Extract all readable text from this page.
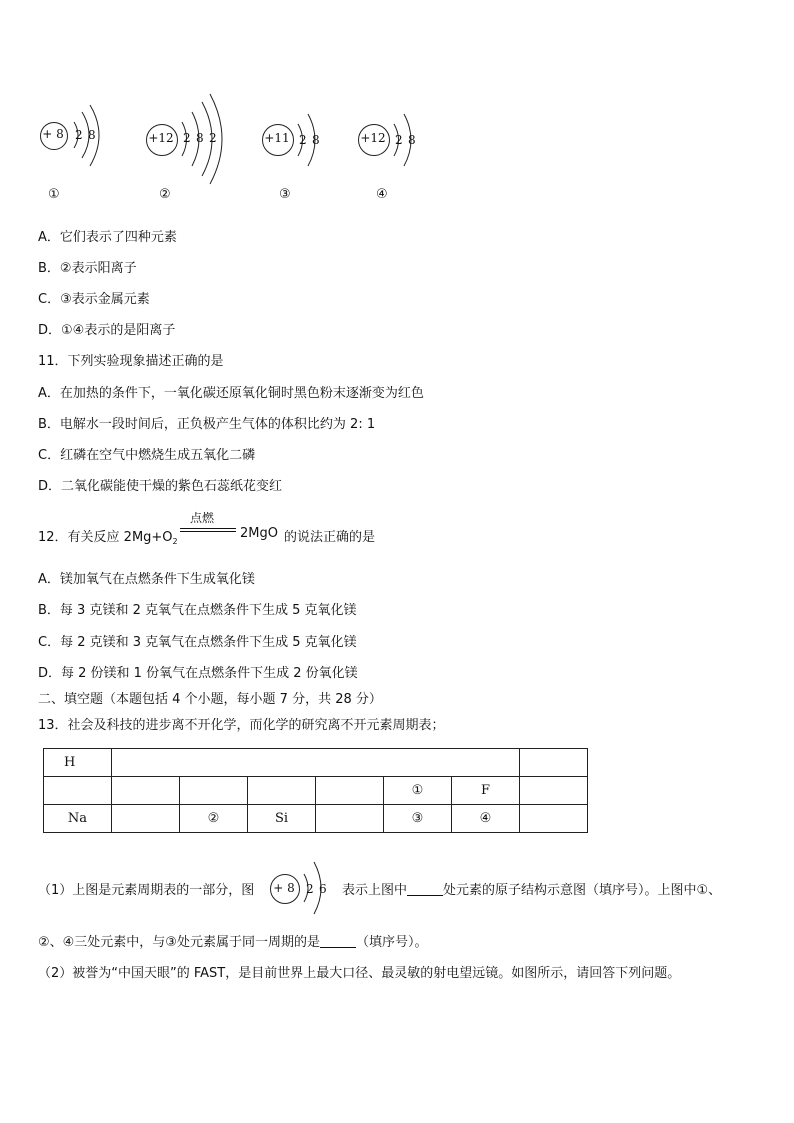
+ 8 2 8
①
+12 2 8 2
②
+11 2 8
③
+12 2 8
④
A．它们表示了四种元素
B．②表示阳离子
C．③表示金属元素
D．①④表示的是阳离子
11．下列实验现象描述正确的是
A．在加热的条件下，一氧化碳还原氧化铜时黑色粉末逐渐变为红色
B．电解水一段时间后，正负极产生气体的体积比约为 2: 1
C．红磷在空气中燃烧生成五氧化二磷
D．二氧化碳能使干燥的紫色石蕊纸花变红
12．有关反应 $2Mg+O_2$
点燃
2MgO 的说法正确的是
A．镁加氧气在点燃条件下生成氧化镁
B．每 3 克镁和 2 克氧气在点燃条件下生成 5 克氧化镁
C．每 2 克镁和 3 克氧气在点燃条件下生成 5 克氧化镁
D．每 2 份镁和 1 份氧气在点燃条件下生成 2 份氧化镁
二、填空题（本题包括 4 个小题，每小题 7 分，共 28 分）
13．社会及科技的进步离不开化学，而化学的研究离不开元素周期表；
H							
					①	F	
Na		②	Si		③	④	
（1）上图是元素周期表的一部分，图 + 8 2 6 表示上图中	处元素的原子结构示意图（填序号）。上图中①、
②、④三处元素中，与③处元素属于同一周期的是	（填序号）。
（2）被誉为“中国天眼”的 FAST，是目前世界上最大口径、最灵敏的射电望远镜。如图所示，请回答下列问题。
